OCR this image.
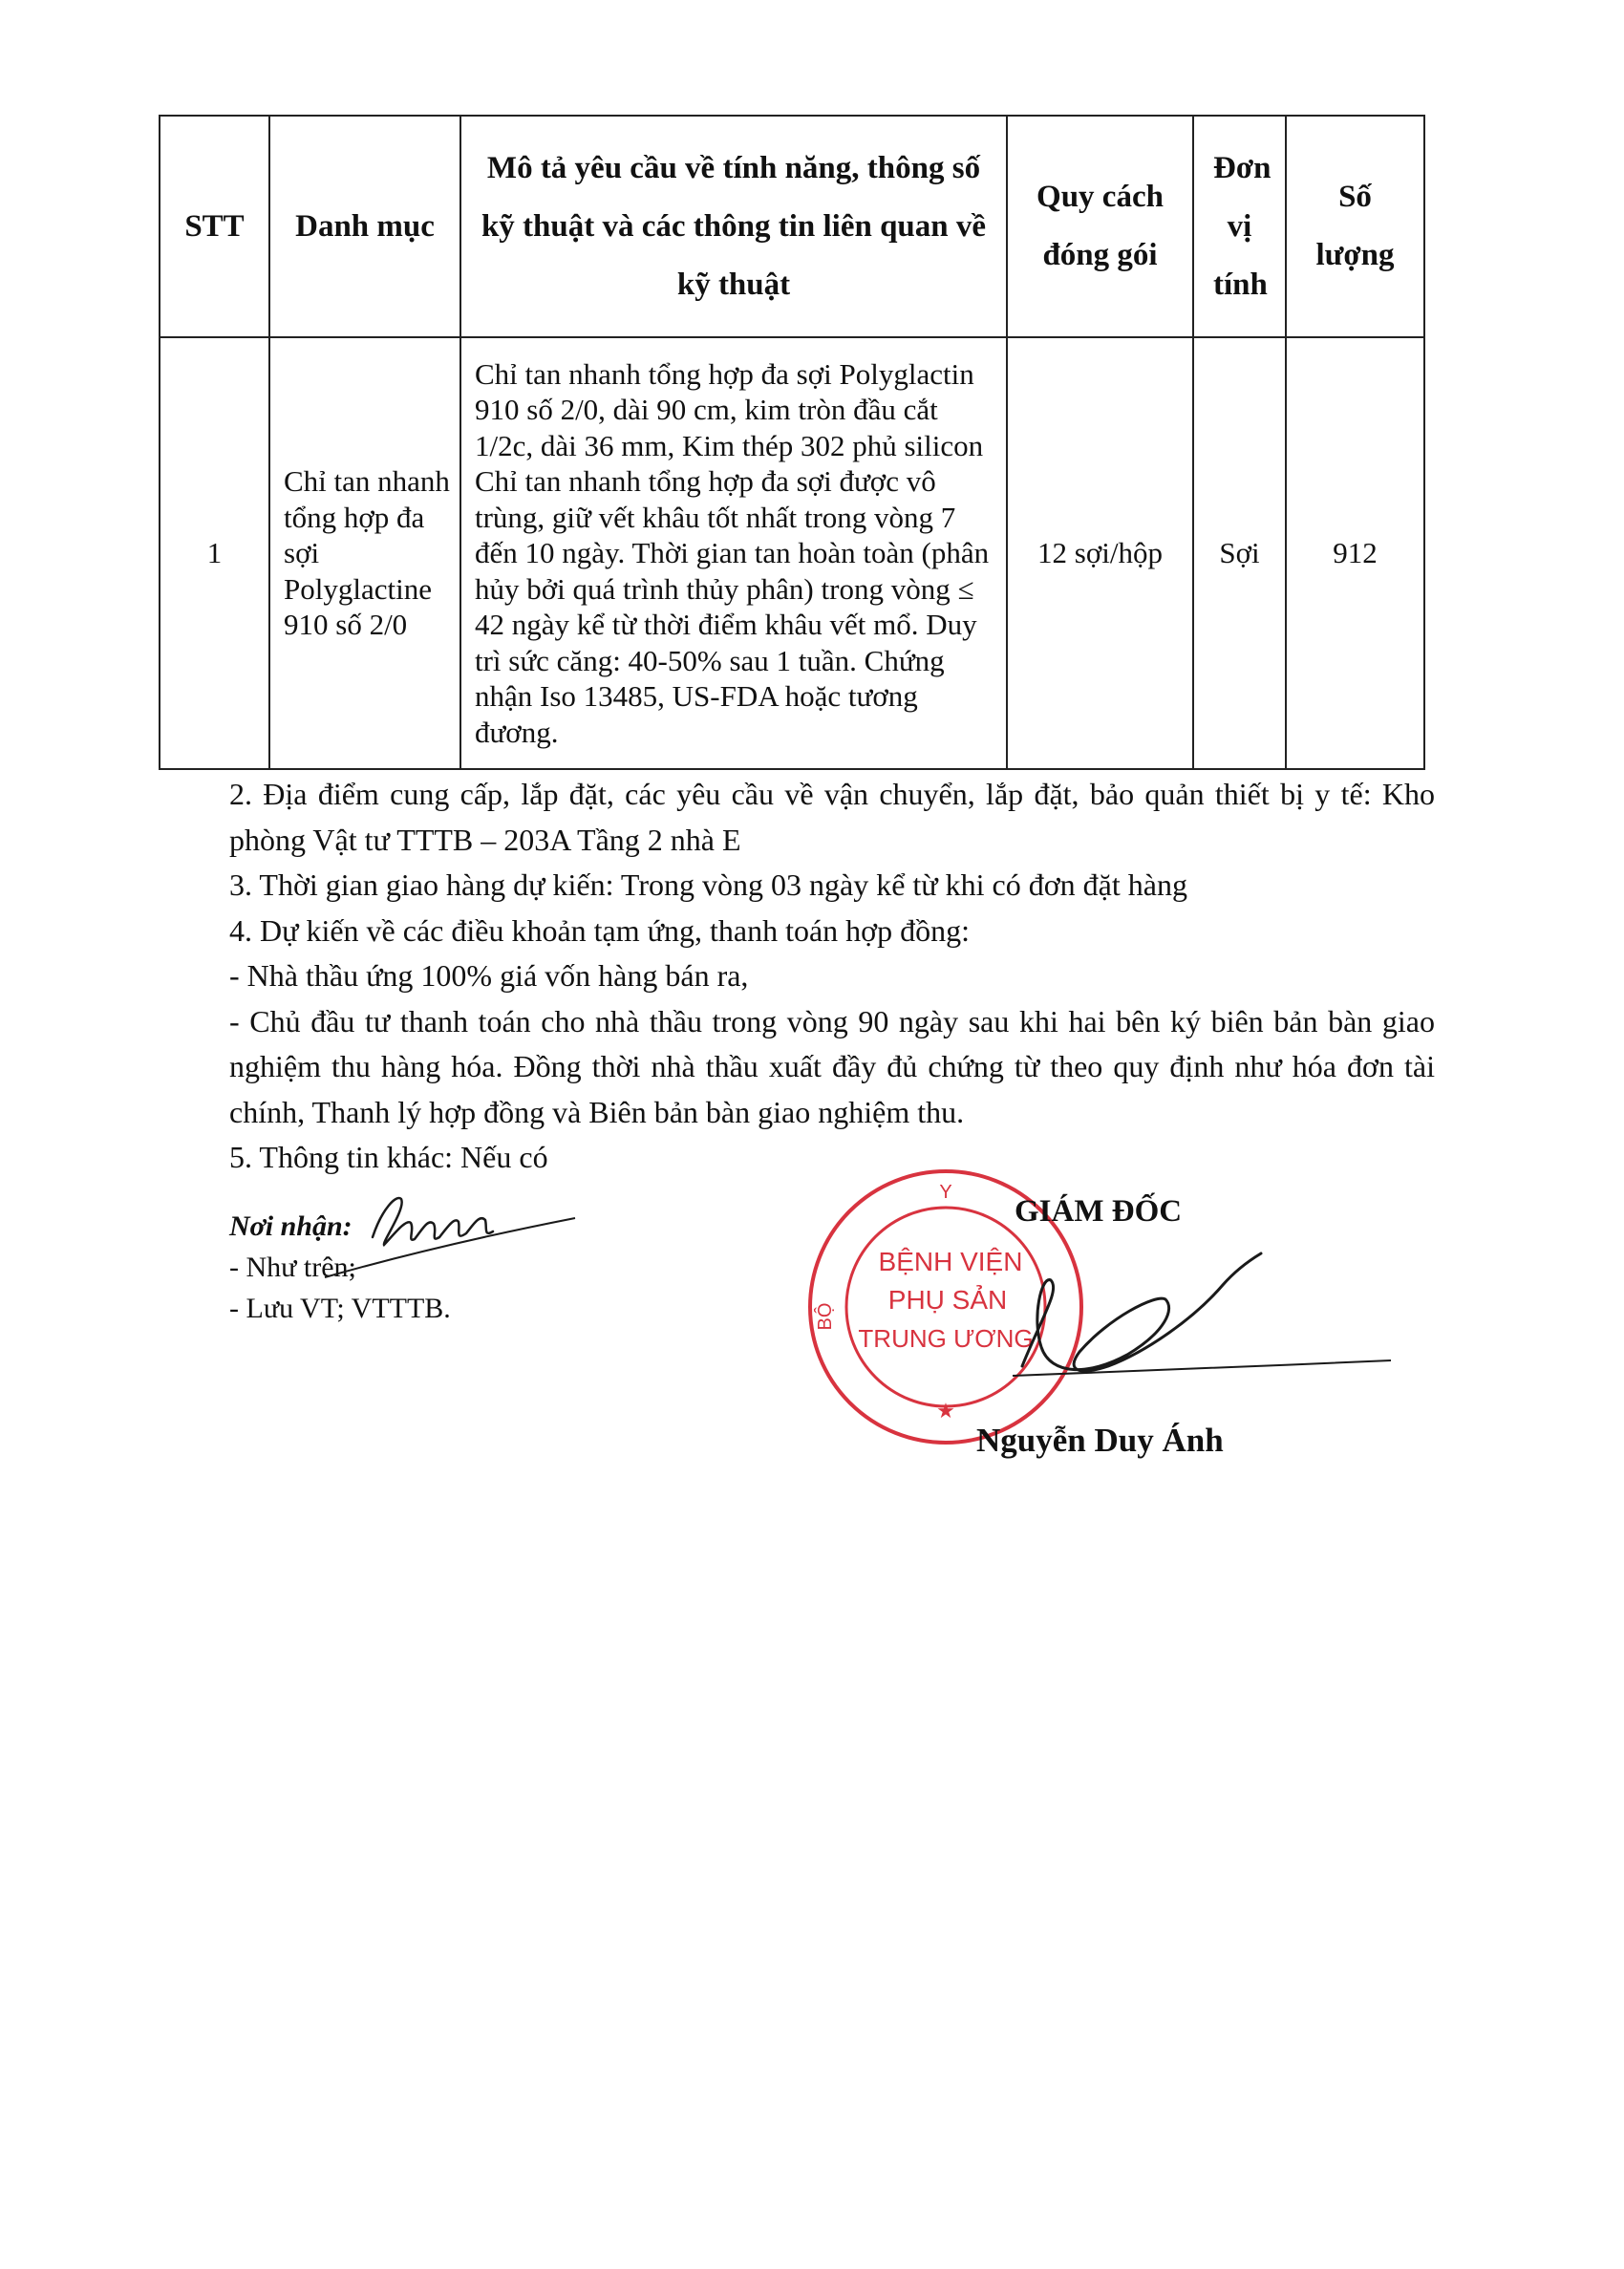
STT	Danh mục	Mô tả yêu cầu về tính năng, thông số kỹ thuật và các thông tin liên quan về kỹ thuật	Quy cách đóng gói	Đơn vị tính	Số lượng
1	Chỉ tan nhanh tổng hợp đa sợi Polyglactine 910 số 2/0	Chỉ tan nhanh tổng hợp đa sợi Polyglactin 910 số 2/0, dài 90 cm, kim tròn đầu cắt 1/2c, dài 36 mm, Kim thép 302 phủ silicon
Chỉ tan nhanh tổng hợp đa sợi được vô trùng, giữ vết khâu tốt nhất trong vòng 7 đến 10 ngày. Thời gian tan hoàn toàn (phân hủy bởi quá trình thủy phân) trong vòng ≤ 42 ngày kể từ thời điểm khâu vết mổ. Duy trì sức căng: 40-50% sau 1 tuần. Chứng nhận Iso 13485, US-FDA hoặc tương đương.	12 sợi/hộp	Sợi	912

2. Địa điểm cung cấp, lắp đặt, các yêu cầu về vận chuyển, lắp đặt, bảo quản thiết bị y tế: Kho phòng Vật tư TTTB – 203A Tầng 2 nhà E

3. Thời gian giao hàng dự kiến: Trong vòng 03 ngày kể từ khi có đơn đặt hàng

4. Dự kiến về các điều khoản tạm ứng, thanh toán hợp đồng:

- Nhà thầu ứng 100% giá vốn hàng bán ra,

- Chủ đầu tư thanh toán cho nhà thầu trong vòng 90 ngày sau khi hai bên ký biên bản bàn giao nghiệm thu hàng hóa. Đồng thời nhà thầu xuất đầy đủ chứng từ theo quy định như hóa đơn tài chính, Thanh lý hợp đồng và Biên bản bàn giao nghiệm thu.

5. Thông tin khác: Nếu có

Nơi nhận:
- Như trên;
- Lưu VT; VTTTB.
Y
BỘ
BỆNH VIỆN
PHỤ SẢN
TRUNG ƯƠNG
★
GIÁM ĐỐC
Nguyễn Duy Ánh
